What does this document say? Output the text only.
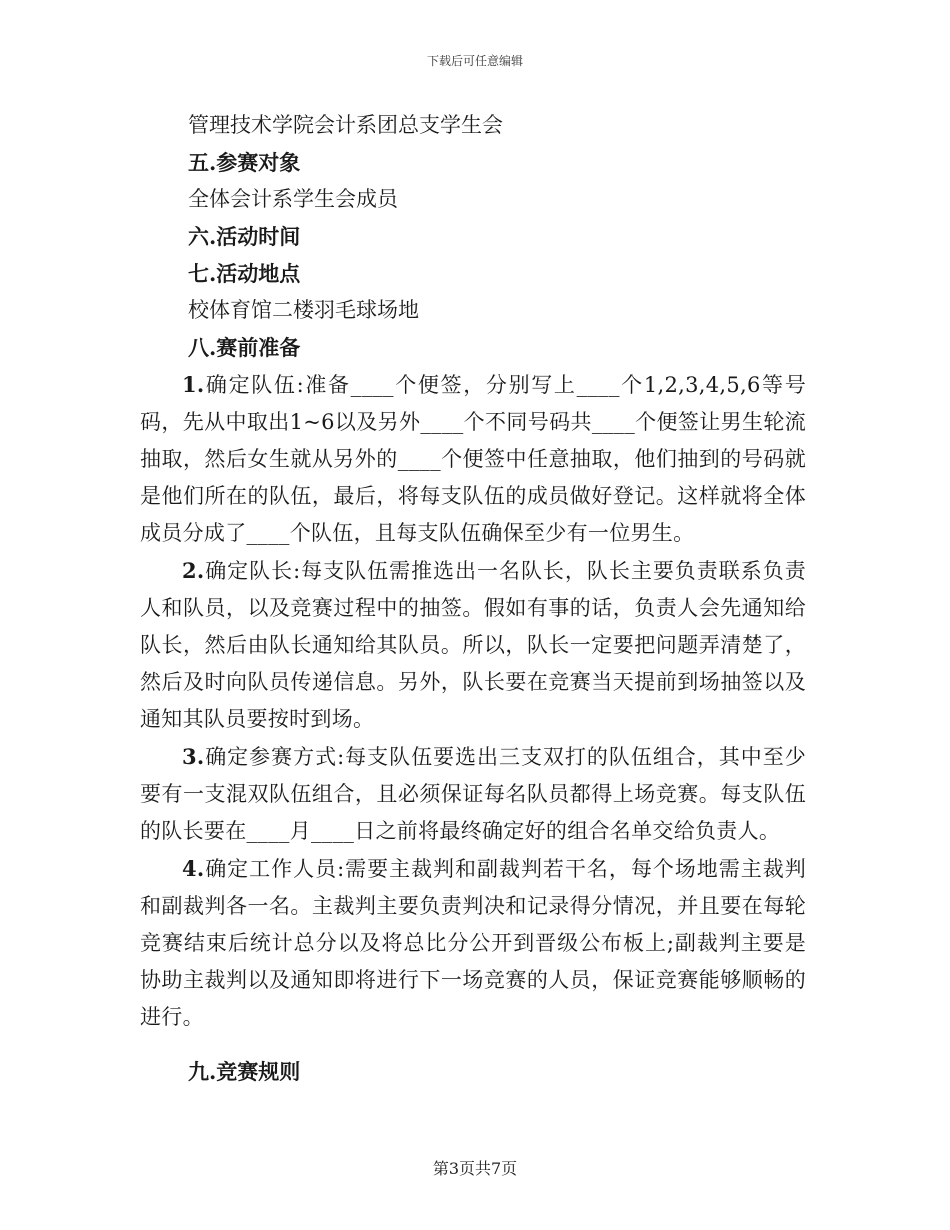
下载后可任意编辑
管理技术学院会计系团总支学生会
五.参赛对象
全体会计系学生会成员
六.活动时间
七.活动地点
校体育馆二楼羽毛球场地
八.赛前准备

1.确定队伍:准备____个便签，分别写上____个1,2,3,4,5,6等号码，先从中取出1~6以及另外____个不同号码共____个便签让男生轮流抽取，然后女生就从另外的____个便签中任意抽取，他们抽到的号码就是他们所在的队伍，最后，将每支队伍的成员做好登记。这样就将全体成员分成了____个队伍，且每支队伍确保至少有一位男生。

2.确定队长:每支队伍需推选出一名队长，队长主要负责联系负责人和队员，以及竞赛过程中的抽签。假如有事的话，负责人会先通知给队长，然后由队长通知给其队员。所以，队长一定要把问题弄清楚了，然后及时向队员传递信息。另外，队长要在竞赛当天提前到场抽签以及通知其队员要按时到场。

3.确定参赛方式:每支队伍要选出三支双打的队伍组合，其中至少要有一支混双队伍组合，且必须保证每名队员都得上场竞赛。每支队伍的队长要在____月____日之前将最终确定好的组合名单交给负责人。

4.确定工作人员:需要主裁判和副裁判若干名，每个场地需主裁判和副裁判各一名。主裁判主要负责判决和记录得分情况，并且要在每轮竞赛结束后统计总分以及将总比分公开到晋级公布板上;副裁判主要是协助主裁判以及通知即将进行下一场竞赛的人员，保证竞赛能够顺畅的进行。

九.竞赛规则
第3页共7页
